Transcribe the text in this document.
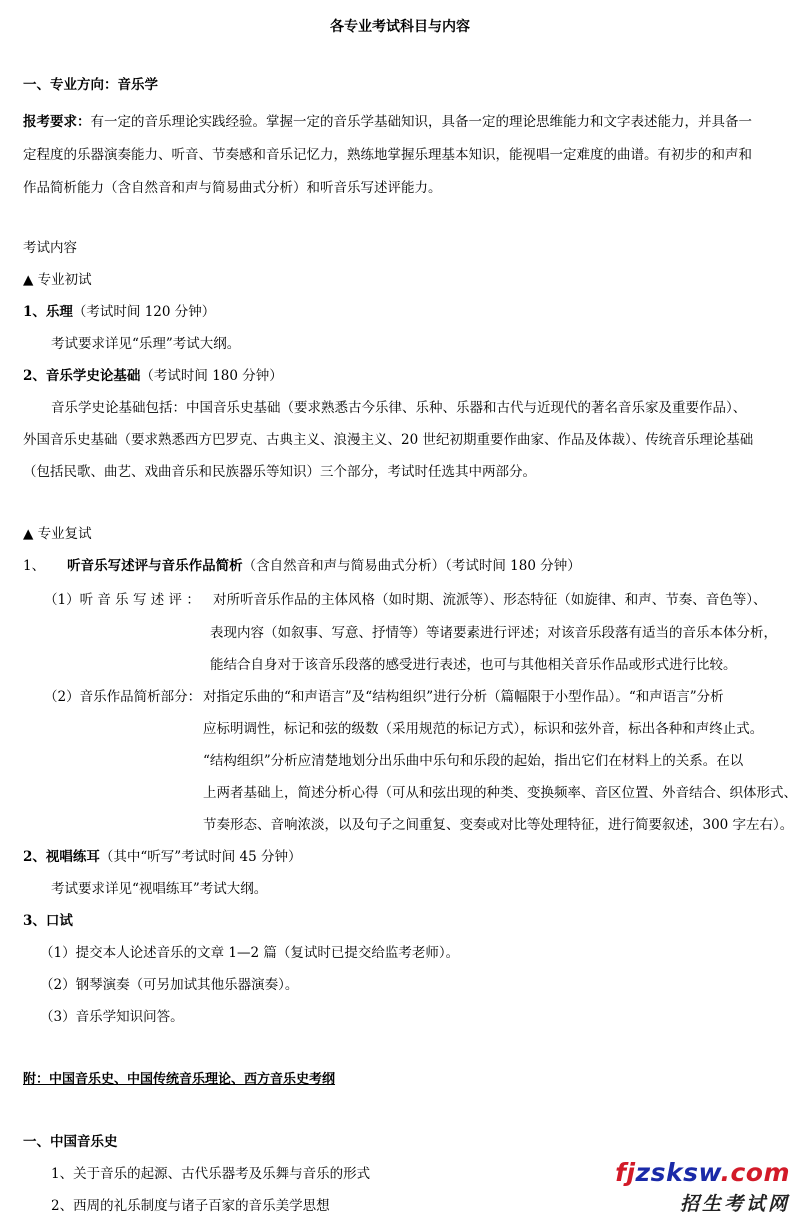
各专业考试科目与内容
一、专业方向：音乐学
报考要求：有一定的音乐理论实践经验。掌握一定的音乐学基础知识，具备一定的理论思维能力和文字表述能力，并具备一
定程度的乐器演奏能力、听音、节奏感和音乐记忆力，熟练地掌握乐理基本知识，能视唱一定难度的曲谱。有初步的和声和
作品简析能力（含自然音和声与简易曲式分析）和听音乐写述评能力。
考试内容
▲ 专业初试
1、乐理（考试时间 120 分钟）
考试要求详见“乐理”考试大纲。
2、音乐学史论基础（考试时间 180 分钟）
音乐学史论基础包括：中国音乐史基础（要求熟悉古今乐律、乐种、乐器和古代与近现代的著名音乐家及重要作品）、
外国音乐史基础（要求熟悉西方巴罗克、古典主义、浪漫主义、20 世纪初期重要作曲家、作品及体裁）、传统音乐理论基础
（包括民歌、曲艺、戏曲音乐和民族器乐等知识）三个部分，考试时任选其中两部分。
▲ 专业复试
1、 听音乐写述评与音乐作品简析（含自然音和声与简易曲式分析）（考试时间 180 分钟）
（1）听 音 乐 写 述 评 ： 对所听音乐作品的主体风格（如时期、流派等）、形态特征（如旋律、和声、节奏、音色等）、
表现内容（如叙事、写意、抒情等）等诸要素进行评述；对该音乐段落有适当的音乐本体分析，
能结合自身对于该音乐段落的感受进行表述，也可与其他相关音乐作品或形式进行比较。
（2）音乐作品简析部分： 对指定乐曲的“和声语言”及“结构组织”进行分析（篇幅限于小型作品）。“和声语言”分析
应标明调性，标记和弦的级数（采用规范的标记方式），标识和弦外音，标出各种和声终止式。
“结构组织”分析应清楚地划分出乐曲中乐句和乐段的起始，指出它们在材料上的关系。在以
上两者基础上，简述分析心得（可从和弦出现的种类、变换频率、音区位置、外音结合、织体形式、
节奏形态、音响浓淡，以及句子之间重复、变奏或对比等处理特征，进行简要叙述，300 字左右）。
2、视唱练耳（其中“听写”考试时间 45 分钟）
考试要求详见“视唱练耳”考试大纲。
3、口试
（1）提交本人论述音乐的文章 1—2 篇（复试时已提交给监考老师）。
（2）钢琴演奏（可另加试其他乐器演奏）。
（3）音乐学知识问答。
附：中国音乐史、中国传统音乐理论、西方音乐史考纲
一、中国音乐史
1、关于音乐的起源、古代乐器考及乐舞与音乐的形式
2、西周的礼乐制度与诸子百家的音乐美学思想
fjzsksw.com
招生考试网
